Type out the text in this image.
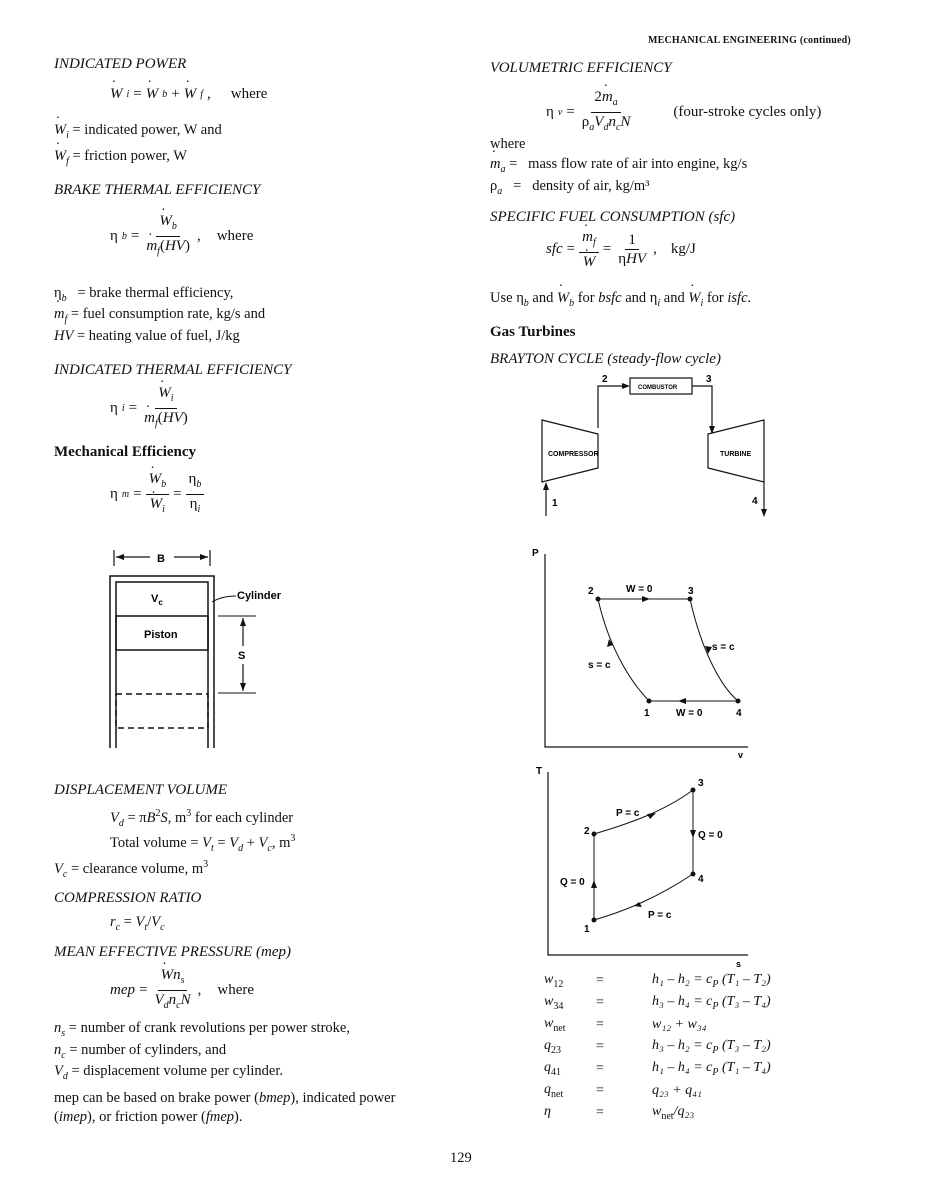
MECHANICAL ENGINEERING (continued)
INDICATED POWER
· W i = · W b + · W f , where
· $W_i$ = indicated power, W and
· $W_f$ = friction power, W
BRAKE THERMAL EFFICIENCY
η b = · $W_b$
· $m_f(HV)$ , where
$\eta_b$ = brake thermal efficiency,
· $m_f$ = fuel consumption rate, kg/s and
HV = heating value of fuel, J/kg
INDICATED THERMAL EFFICIENCY
η i = · $W_i$
· $m_f(HV)$
Mechanical Efficiency
η m = · $W_b$
· $W_i = \frac{\eta_b}{\eta_i}$
B
$V_c$
Piston
Cylinder
S
DISPLACEMENT VOLUME
$V_d = \pi B^2S$, $m^3$ for each cylinder
Total volume = $V_t = V_d + V_c$, $m^3$
$V_c$ = clearance volume, $m^3$
COMPRESSION RATIO
$r_c = V_t/V_c$
MEAN EFFECTIVE PRESSURE (mep)
mep = · $\frac{Wn_s}{V_dn_cN}$ , where
$n_s$ = number of crank revolutions per power stroke,
$n_c$ = number of cylinders, and
$V_d$ = displacement volume per cylinder.
mep can be based on brake power (bmep), indicated power
(imep), or friction power (fmep).
VOLUMETRIC EFFICIENCY
η $v = \frac{2\cdot m_a}{\rho_aV_dn_cN}$	(four-stroke cycles only)
where
· $m_a$ =   mass flow rate of air into engine, kg/s
$\rho_a$   =   density of air, kg/m³
SPECIFIC FUEL CONSUMPTION (sfc)
sfc = · $m_f$
· $W = \frac{1}{\text{ηHV}}$ , kg/J
Use $\eta_b$ and · $W_b$ for bsfc and $\eta_i$ and · $W_i$ for isfc.
Gas Turbines
BRAYTON CYCLE (steady-flow cycle)
COMBUSTOR
COMPRESSOR	TURBINE
2	3
1	4
P
v
2	3
4
1
W = 0
W = 0
s = c
s = c
T
s
1
2
3
4
P = c
P = c
Q = 0
Q = 0
$w_{12}$	=	$h_1 - h_2 = c_P$ (T₁ – T₂)
$w_{34}$	=	$h_3 - h_4 = c_P$ (T₃ – T₄)
$w_{net}$	=	w₁₂ + w₃₄
$q_{23}$	=	$h_3 - h_2 = c_P$ (T₃ – T₂)
$q_{41}$	=	$h_1 - h_4 = c_P$ (T₁ – T₄)
$q_{net}$	=	q₂₃ + q₄₁
η	=	$w_{net}$/q₂₃
129
